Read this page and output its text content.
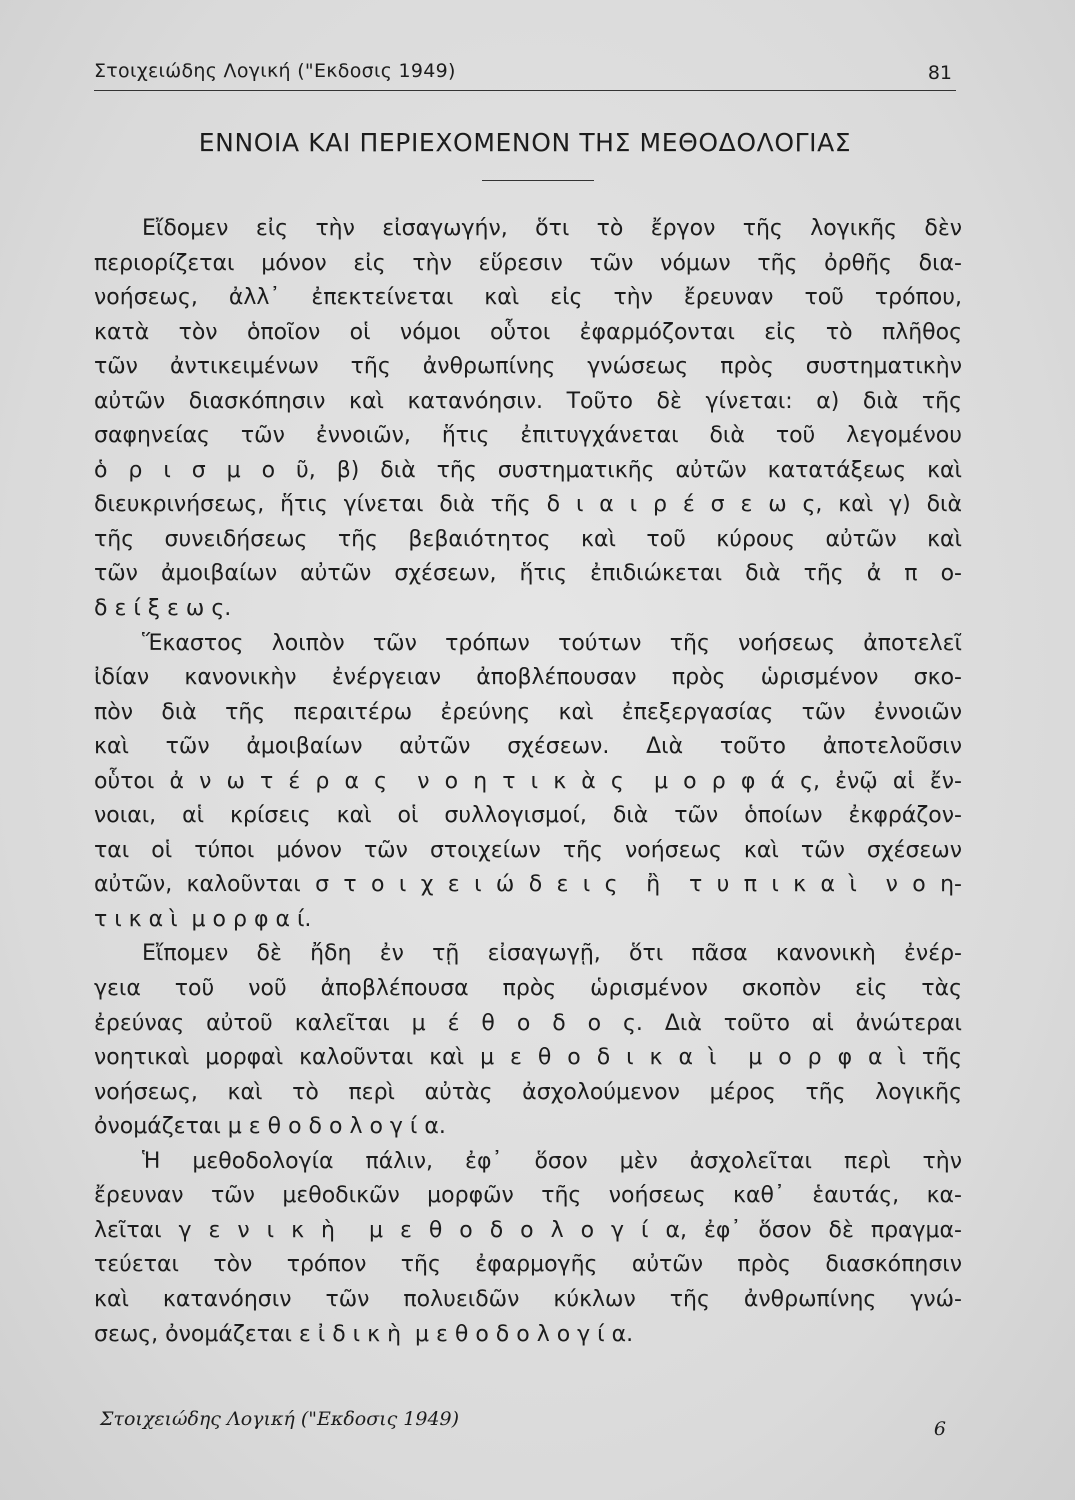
Στοιχειώδης Λογική ("Εκδοσις 1949)	81
ΕΝΝΟΙΑ ΚΑΙ ΠΕΡΙΕΧΟΜΕΝΟΝ ΤΗΣ ΜΕΘΟΔΟΛΟΓΙΑΣ
Εἴδομεν εἰς τὴν εἰσαγωγήν, ὅτι τὸ ἔργον τῆς λογικῆς δὲν
περιορίζεται μόνον εἰς τὴν εὕρεσιν τῶν νόμων τῆς ὀρθῆς δια-
νοήσεως, ἀλλ᾽ ἐπεκτείνεται καὶ εἰς τὴν ἔρευναν τοῦ τρόπου,
κατὰ τὸν ὁποῖον οἱ νόμοι οὗτοι ἐφαρμόζονται εἰς τὸ πλῆθος
τῶν ἀντικειμένων τῆς ἀνθρωπίνης γνώσεως πρὸς συστηματικὴν
αὐτῶν διασκόπησιν καὶ κατανόησιν. Τοῦτο δὲ γίνεται: α) διὰ τῆς
σαφηνείας τῶν ἐννοιῶν, ἥτις ἐπιτυγχάνεται διὰ τοῦ λεγομένου
ὁ ρ ι σ μ ο ῦ, β) διὰ τῆς συστηματικῆς αὐτῶν κατατάξεως καὶ
διευκρινήσεως, ἥτις γίνεται διὰ τῆς δ ι α ι ρ έ σ ε ω ς, καὶ γ) διὰ
τῆς συνειδήσεως τῆς βεβαιότητος καὶ τοῦ κύρους αὐτῶν καὶ
τῶν ἀμοιβαίων αὐτῶν σχέσεων, ἥτις ἐπιδιώκεται διὰ τῆς ἀ π ο-
δ ε ί ξ ε ω ς.
Ἕκαστος λοιπὸν τῶν τρόπων τούτων τῆς νοήσεως ἀποτελεῖ
ἰδίαν κανονικὴν ἐνέργειαν ἀποβλέπουσαν πρὸς ὡρισμένον σκο-
πὸν διὰ τῆς περαιτέρω ἐρεύνης καὶ ἐπεξεργασίας τῶν ἐννοιῶν
καὶ τῶν ἀμοιβαίων αὐτῶν σχέσεων. Διὰ τοῦτο ἀποτελοῦσιν
οὗτοι ἀ ν ω τ έ ρ α ς  ν ο η τ ι κ ὰ ς  μ ο ρ φ ά ς, ἐνῷ αἱ ἔν-
νοιαι, αἱ κρίσεις καὶ οἱ συλλογισμοί, διὰ τῶν ὁποίων ἐκφράζον-
ται οἱ τύποι μόνον τῶν στοιχείων τῆς νοήσεως καὶ τῶν σχέσεων
αὐτῶν, καλοῦνται σ τ ο ι χ ε ι ώ δ ε ι ς  ἢ  τ υ π ι κ α ὶ  ν ο η-
τ ι κ α ὶ  μ ο ρ φ α ί.
Εἴπομεν δὲ ἤδη ἐν τῇ εἰσαγωγῇ, ὅτι πᾶσα κανονικὴ ἐνέρ-
γεια τοῦ νοῦ ἀποβλέπουσα πρὸς ὡρισμένον σκοπὸν εἰς τὰς
ἐρεύνας αὐτοῦ καλεῖται μ έ θ ο δ ο ς. Διὰ τοῦτο αἱ ἀνώτεραι
νοητικαὶ μορφαὶ καλοῦνται καὶ μ ε θ ο δ ι κ α ὶ  μ ο ρ φ α ὶ τῆς
νοήσεως, καὶ τὸ περὶ αὐτὰς ἀσχολούμενον μέρος τῆς λογικῆς
ὀνομάζεται μ ε θ ο δ ο λ ο γ ί α.
Ἡ μεθοδολογία πάλιν, ἐφ᾽ ὅσον μὲν ἀσχολεῖται περὶ τὴν
ἔρευναν τῶν μεθοδικῶν μορφῶν τῆς νοήσεως καθ᾽ ἑαυτάς, κα-
λεῖται γ ε ν ι κ ὴ  μ ε θ ο δ ο λ ο γ ί α, ἐφ᾽ ὅσον δὲ πραγμα-
τεύεται τὸν τρόπον τῆς ἐφαρμογῆς αὐτῶν πρὸς διασκόπησιν
καὶ κατανόησιν τῶν πολυειδῶν κύκλων τῆς ἀνθρωπίνης γνώ-
σεως, ὀνομάζεται ε ἰ δ ι κ ὴ  μ ε θ ο δ ο λ ο γ ί α.
Στοιχειώδης Λογική ("Εκδοσις 1949)	6
